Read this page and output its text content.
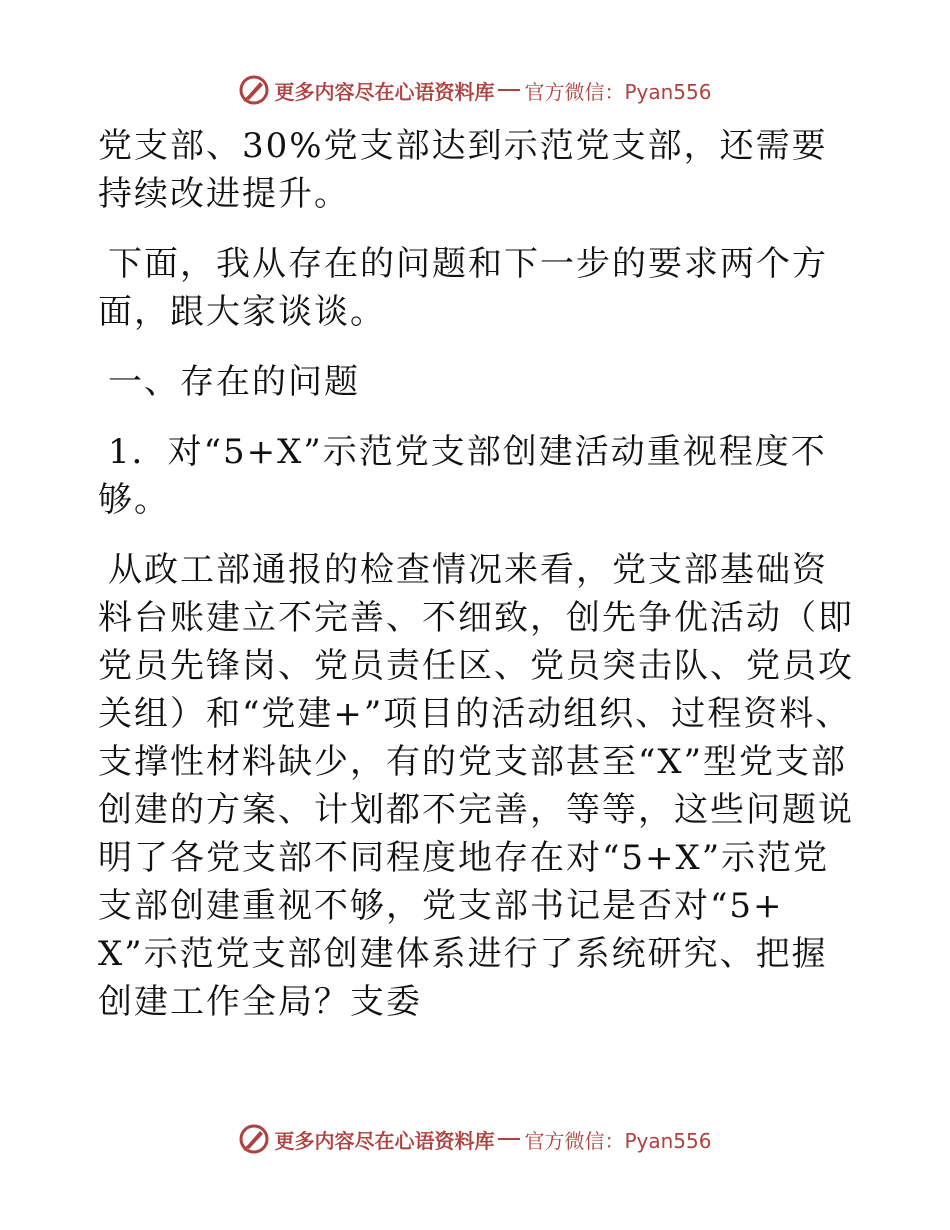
更多内容尽在心语资料库 官方微信：Pyan556

党支部、30%党支部达到示范党支部，还需要持续改进提升。

下面，我从存在的问题和下一步的要求两个方面，跟大家谈谈。

一、存在的问题

1．对“5+X”示范党支部创建活动重视程度不够。

从政工部通报的检查情况来看，党支部基础资料台账建立不完善、不细致，创先争优活动（即党员先锋岗、党员责任区、党员突击队、党员攻关组）和“党建+”项目的活动组织、过程资料、支撑性材料缺少，有的党支部甚至“X”型党支部创建的方案、计划都不完善，等等，这些问题说明了各党支部不同程度地存在对“5+X”示范党支部创建重视不够，党支部书记是否对“5+X”示范党支部创建体系进行了系统研究、把握创建工作全局？支委

更多内容尽在心语资料库 官方微信：Pyan556
